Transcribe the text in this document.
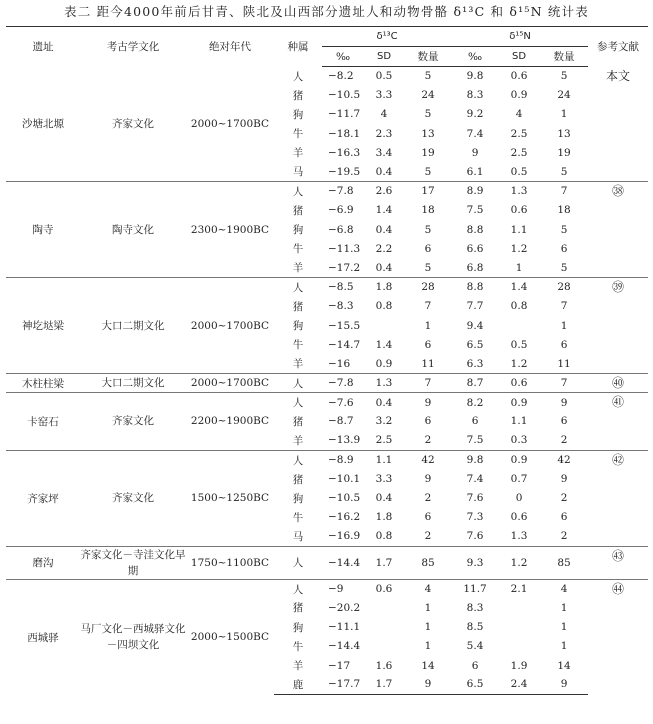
表二 距今4000年前后甘青、陕北及山西部分遗址人和动物骨骼 δ¹³C 和 δ¹⁵N 统计表
遗址	考古学文化	绝对年代	种属	δ¹³C			δ¹⁵N			参考文献
				‰	SD	数量	‰	SD	数量	
沙塘北塬	齐家文化	2000~1700BC	人	−8.2	0.5	5	9.8	0.6	5	本文
			猪	−10.5	3.3	24	8.3	0.9	24	
			狗	−11.7	4	5	9.2	4	1	
			牛	−18.1	2.3	13	7.4	2.5	13	
			羊	−16.3	3.4	19	9	2.5	19	
			马	−19.5	0.4	5	6.1	0.5	5	
陶寺	陶寺文化	2300~1900BC	人	−7.8	2.6	17	8.9	1.3	7	㊳
			猪	−6.9	1.4	18	7.5	0.6	18	
			狗	−6.8	0.4	5	8.8	1.1	5	
			牛	−11.3	2.2	6	6.6	1.2	6	
			羊	−17.2	0.4	5	6.8	1	5	
神圪垯梁	大口二期文化	2000~1700BC	人	−8.5	1.8	28	8.8	1.4	28	㊴
			猪	−8.3	0.8	7	7.7	0.8	7	
			狗	−15.5		1	9.4		1	
			牛	−14.7	1.4	6	6.5	0.5	6	
			羊	−16	0.9	11	6.3	1.2	11	
木柱柱梁	大口二期文化	2000~1700BC	人	−7.8	1.3	7	8.7	0.6	7	㊵
卡窑石	齐家文化	2200~1900BC	人	−7.6	0.4	9	8.2	0.9	9	㊶
			猪	−8.7	3.2	6	6	1.1	6	
			羊	−13.9	2.5	2	7.5	0.3	2	
齐家坪	齐家文化	1500~1250BC	人	−8.9	1.1	42	9.8	0.9	42	㊷
			猪	−10.1	3.3	9	7.4	0.7	9	
			狗	−10.5	0.4	2	7.6	0	2	
			牛	−16.2	1.8	6	7.3	0.6	6	
			马	−16.9	0.8	2	7.6	1.3	2	
磨沟	齐家文化－寺洼文化早期	1750~1100BC	人	−14.4	1.7	85	9.3	1.2	85	㊸
西城驿	马厂文化－西城驿文化－四坝文化	2000~1500BC	人	−9	0.6	4	11.7	2.1	4	㊹
			猪	−20.2		1	8.3		1	
			狗	−11.1		1	8.5		1	
			牛	−14.4		1	5.4		1	
			羊	−17	1.6	14	6	1.9	14	
			鹿	−17.7	1.7	9	6.5	2.4	9	
